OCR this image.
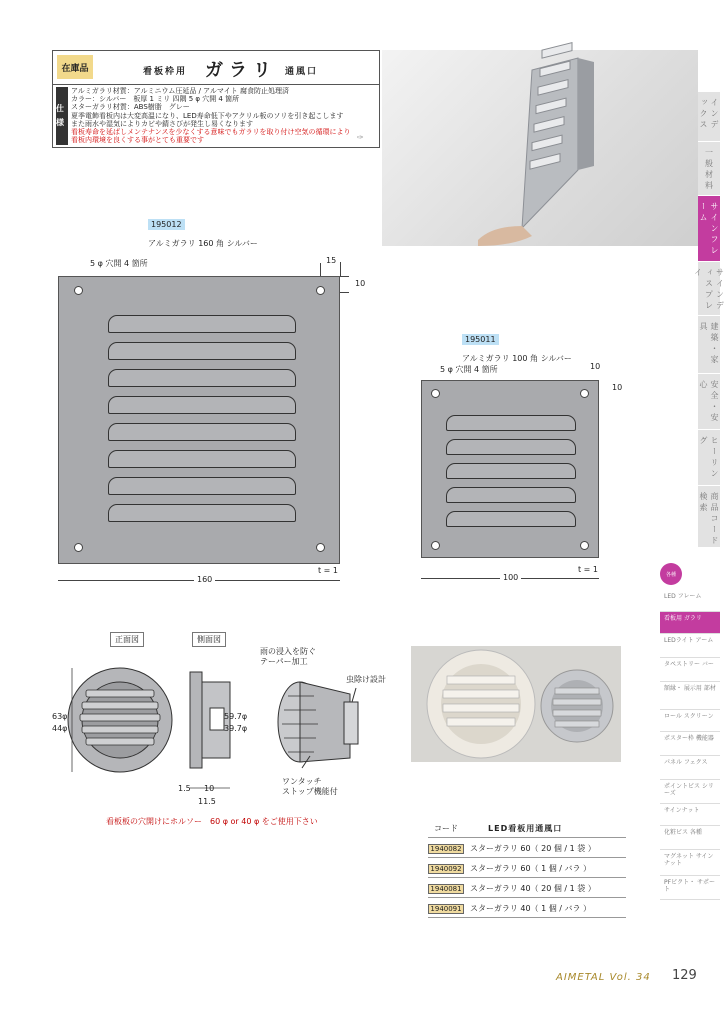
在庫品	看板枠用 ガラリ 通風口
仕様
アルミガラリ材質：アルミニウム圧延品 / アルマイト 腐食防止処理済
カラー：シルバー　板厚 1 ミリ 四隅 5 φ 穴開 4 箇所
スターガラリ材質：ABS樹脂　グレー
夏季電飾看板内は大変高温になり、LED寿命低下やアクリル板のソリを引き起こします
また雨水や湿気によりカビや錆さびが発生し易くなります
看板寿命を延ばしメンテナンスを少なくする意味でもガラリを取り付け空気の循環により
看板内環境を良くする事がとても重要です	✑
195012
アルミガラリ 160 角 シルバー
5 φ 穴開 4 箇所	15
10
160
t = 1
195011
アルミガラリ 100 角 シルバー
5 φ 穴開 4 箇所	10
10
100
t = 1
正面図	側面図
63φ
44φ
59.7φ
39.7φ
1.5 10
11.5
雨の浸入を防ぐ
テーパー加工
虫除け設計
ワンタッチ
ストップ機能付
看板板の穴開けにホルソー　60 φ or 40 φ をご使用下さい
コード	LED看板用通風口
1940082	スターガラリ 60（ 20 個 / 1 袋 ）
1940092	スターガラリ 60（ 1 個 / バラ ）
1940081	スターガラリ 40（ 20 個 / 1 袋 ）
1940091	スターガラリ 40（ 1 個 / バラ ）
インデックス
一般材料
サインフレーム
サインディスプレイ
建築・家具
安全・安心
ヒーリング
商品コード検索
各種
LED フレーム
看板用 ガラリ
LEDライト アーム
タペストリー バー
額縁・ 展示用 部材
ロール スクリーン
ポスター枠 機能器
パネル フェクス
ポイントビス シリーズ
サインナット
化粧ビス 各種
マグネット サインナット
PFビクト・ サポート
AIMETAL Vol. 34 129
